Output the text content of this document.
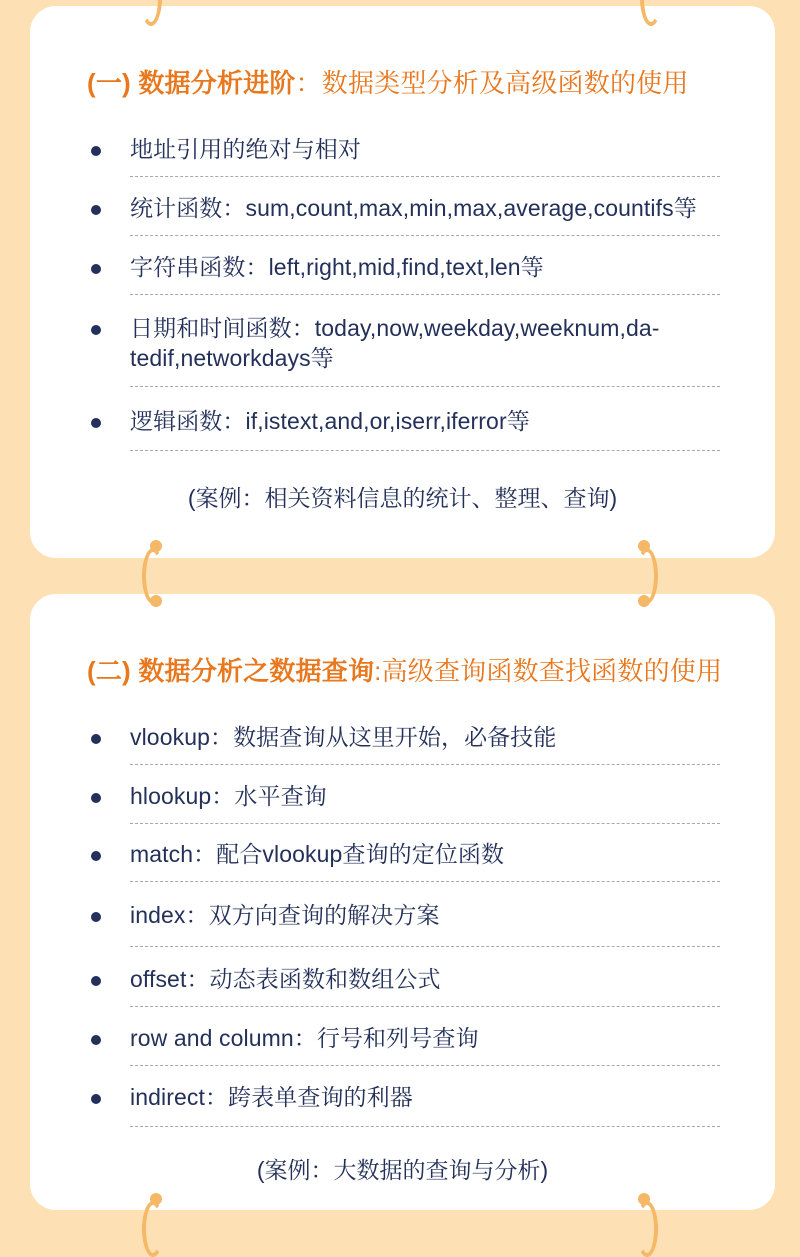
(一) 数据分析进阶：数据类型分析及高级函数的使用
地址引用的绝对与相对
统计函数：sum,count,max,min,max,average,countifs等
字符串函数：left,right,mid,find,text,len等
日期和时间函数：today,now,weekday,weeknum,da-
tedif,networkdays等
逻辑函数：if,istext,and,or,iserr,iferror等
(案例：相关资料信息的统计、整理、查询)
(二) 数据分析之数据查询:高级查询函数查找函数的使用
vlookup：数据查询从这里开始，必备技能
hlookup：水平查询
match：配合vlookup查询的定位函数
index：双方向查询的解决方案
offset：动态表函数和数组公式
row and column：行号和列号查询
indirect：跨表单查询的利器
(案例：大数据的查询与分析)
